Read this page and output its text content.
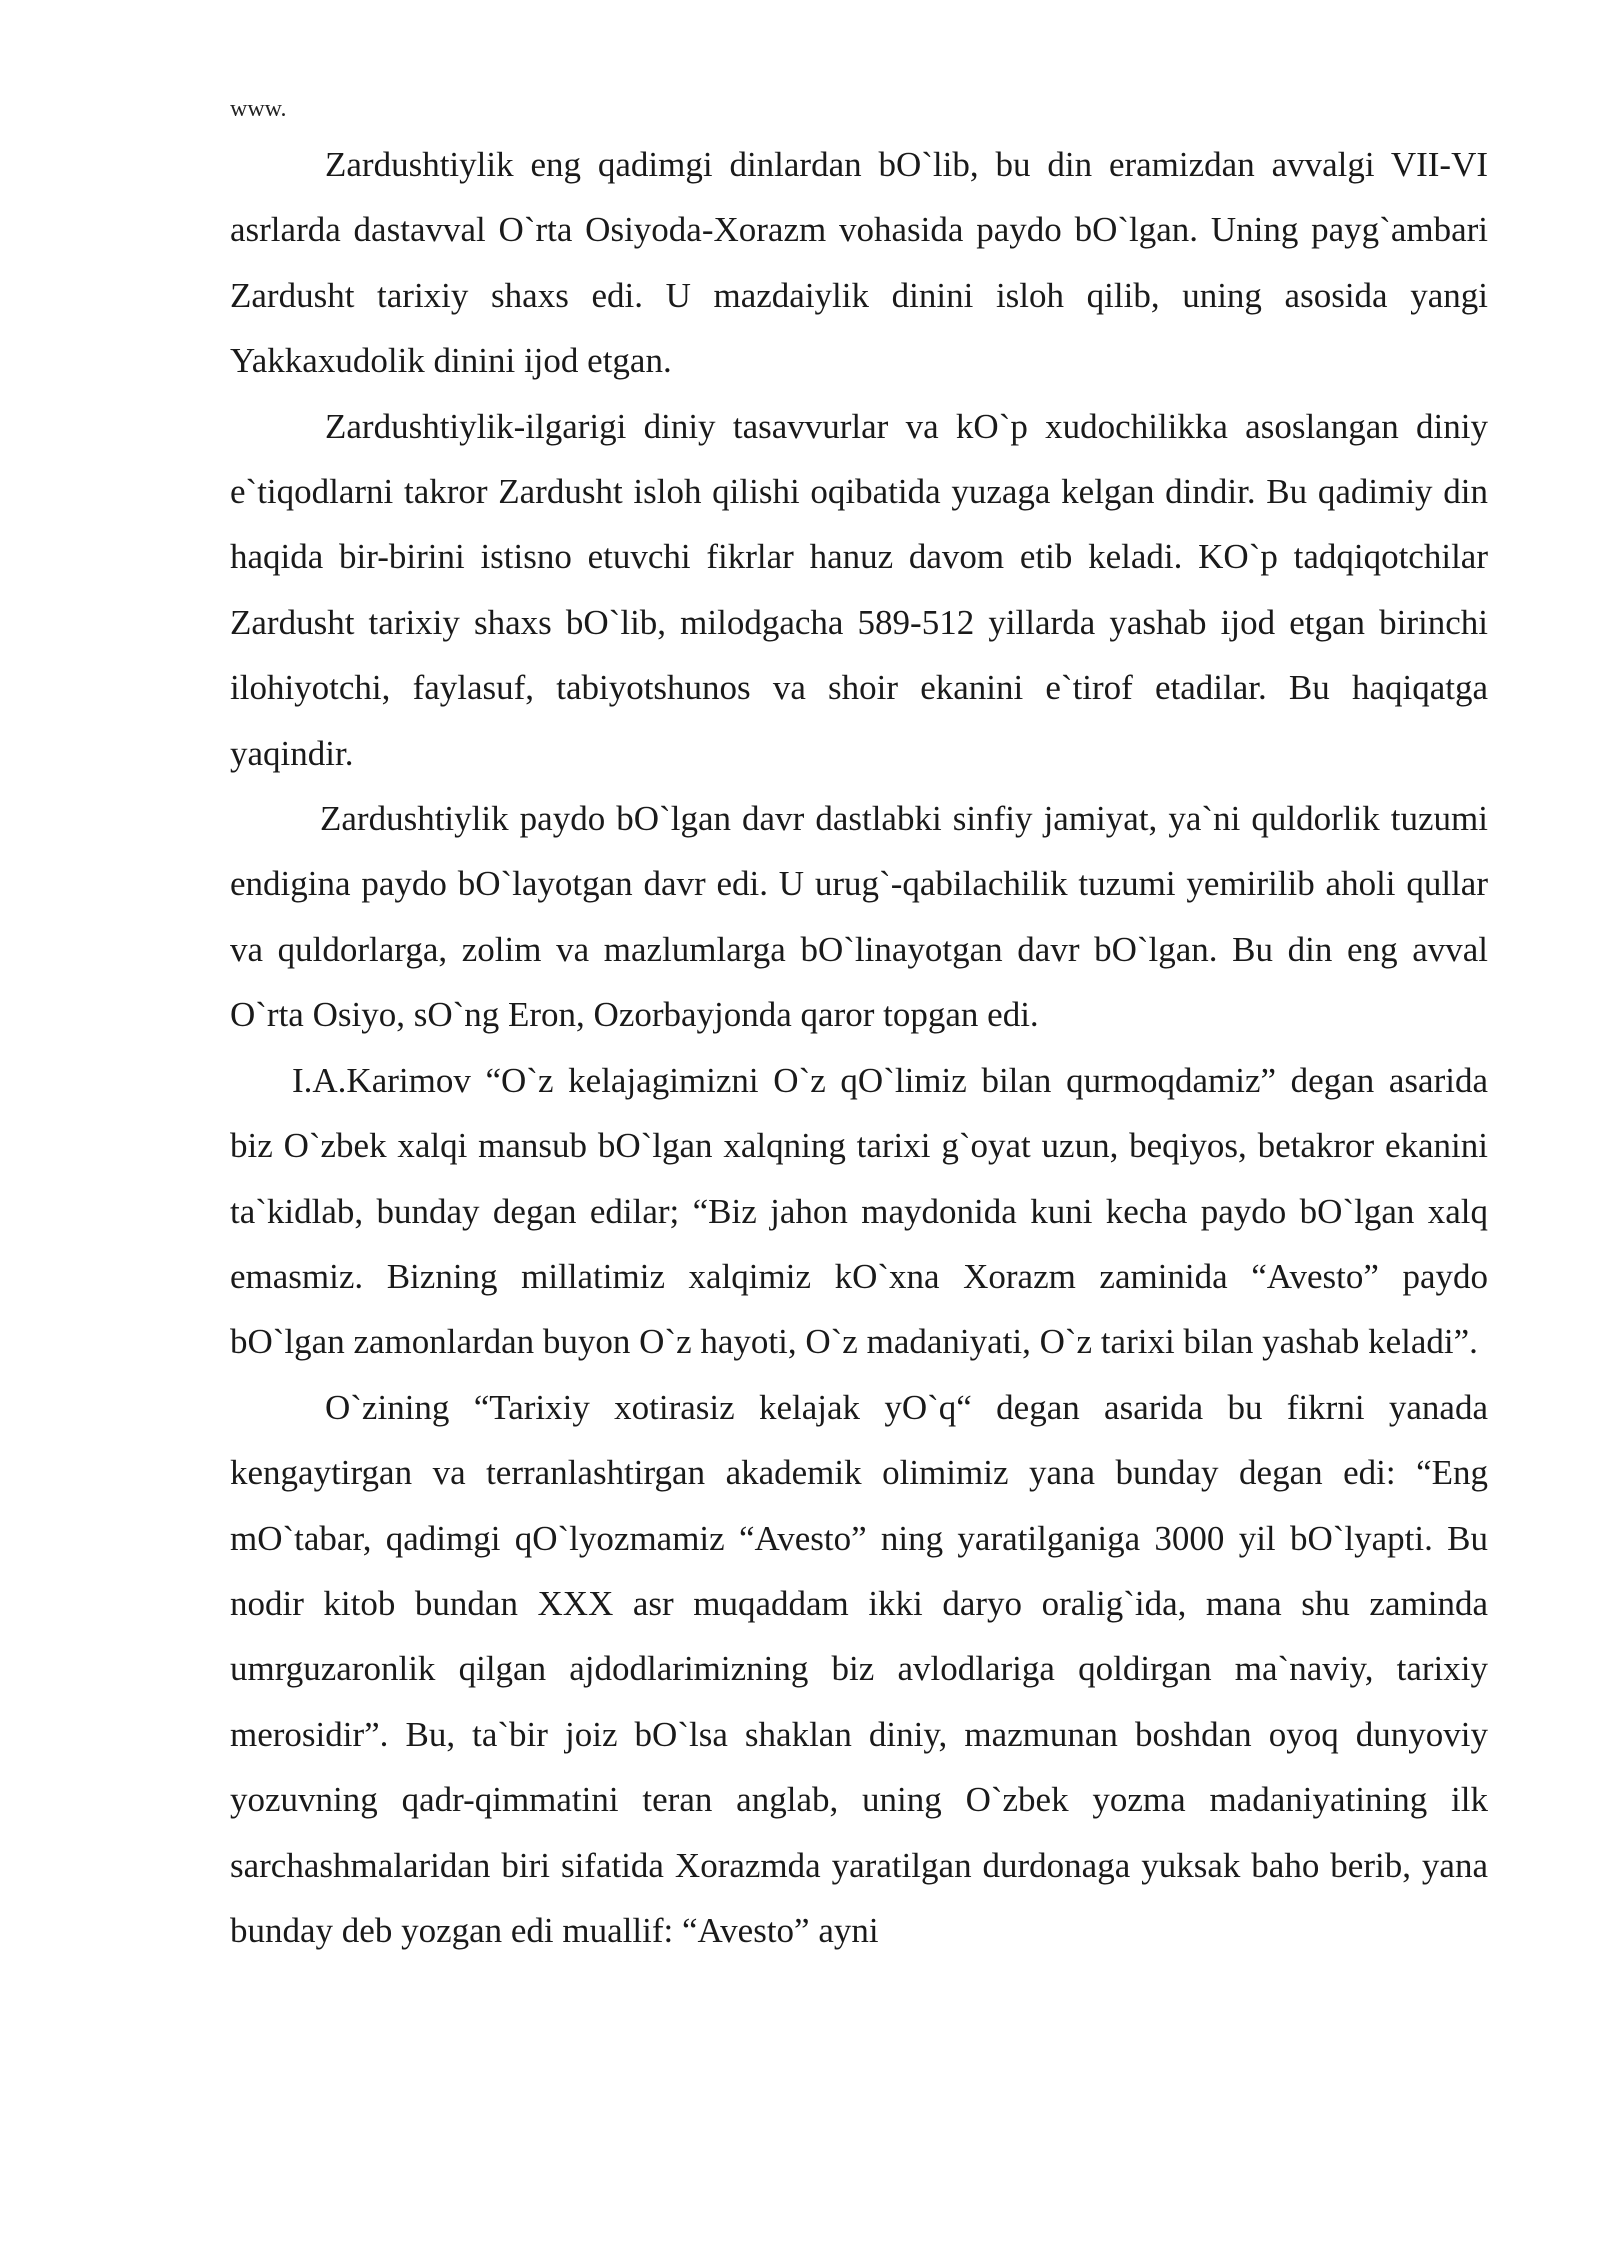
www.

Zardushtiylik eng qadimgi dinlardan bO`lib, bu din eramizdan avvalgi VII-VI asrlarda dastavval O`rta Osiyoda-Xorazm vohasida paydo bO`lgan. Uning payg`ambari Zardusht tarixiy shaxs edi. U mazdaiylik dinini isloh qilib, uning asosida yangi Yakkaxudolik dinini ijod etgan.

Zardushtiylik-ilgarigi diniy tasavvurlar va kO`p xudochilikka asoslangan diniy e`tiqodlarni takror Zardusht isloh qilishi oqibatida yuzaga kelgan dindir. Bu qadimiy din haqida bir-birini istisno etuvchi fikrlar hanuz davom etib keladi. KO`p tadqiqotchilar Zardusht tarixiy shaxs bO`lib, milodgacha 589-512 yillarda yashab ijod etgan birinchi ilohiyotchi, faylasuf, tabiyotshunos va shoir ekanini e`tirof etadilar. Bu haqiqatga yaqindir.

Zardushtiylik paydo bO`lgan davr dastlabki sinfiy jamiyat, ya`ni quldorlik tuzumi endigina paydo bO`layotgan davr edi. U urug`-qabilachilik tuzumi yemirilib aholi qullar va quldorlarga, zolim va mazlumlarga bO`linayotgan davr bO`lgan. Bu din eng avval O`rta Osiyo, sO`ng Eron, Ozorbayjonda qaror topgan edi.

I.A.Karimov “O`z kelajagimizni O`z qO`limiz bilan qurmoqdamiz” degan asarida biz O`zbek xalqi mansub bO`lgan xalqning tarixi g`oyat uzun, beqiyos, betakror ekanini ta`kidlab, bunday degan edilar; “Biz jahon maydonida kuni kecha paydo bO`lgan xalq emasmiz. Bizning millatimiz xalqimiz kO`xna Xorazm zaminida “Avesto” paydo bO`lgan zamonlardan buyon O`z hayoti, O`z madaniyati, O`z tarixi bilan yashab keladi”.

O`zining “Tarixiy xotirasiz kelajak yO`q“ degan asarida bu fikrni yanada kengaytirgan va terranlashtirgan akademik olimimiz yana bunday degan edi: “Eng mO`tabar, qadimgi qO`lyozmamiz “Avesto” ning yaratilganiga 3000 yil bO`lyapti. Bu nodir kitob bundan XXX asr muqaddam ikki daryo oralig`ida, mana shu zaminda umrguzaronlik qilgan ajdodlarimizning biz avlodlariga qoldirgan ma`naviy, tarixiy merosidir”. Bu, ta`bir joiz bO`lsa shaklan diniy, mazmunan boshdan oyoq dunyoviy yozuvning qadr-qimmatini teran anglab, uning O`zbek yozma madaniyatining ilk sarchashmalaridan biri sifatida Xorazmda yaratilgan durdonaga yuksak baho berib, yana bunday deb yozgan edi muallif: “Avesto” ayni
